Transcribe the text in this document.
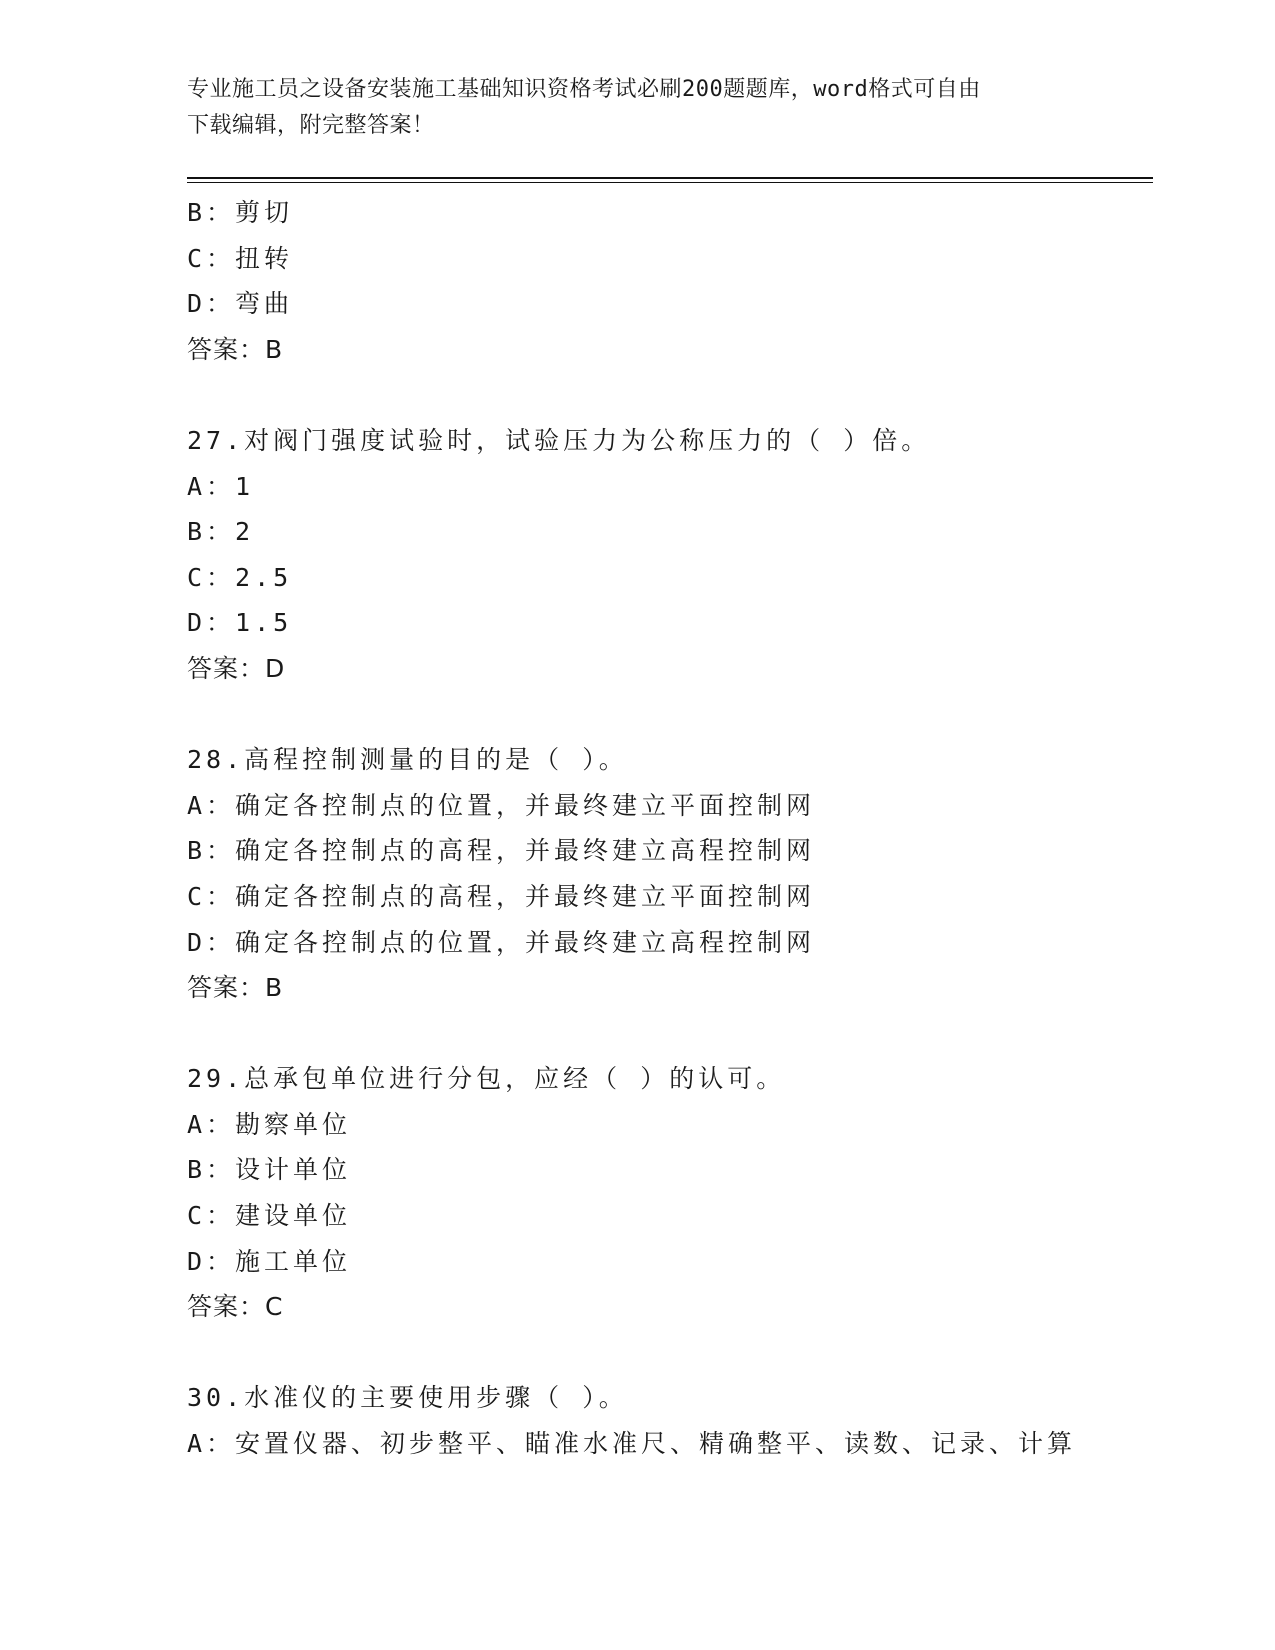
专业施工员之设备安装施工基础知识资格考试必刷200题题库，word格式可自由
下载编辑，附完整答案！
B：剪切
C：扭转
D：弯曲
答案：B
27.对阀门强度试验时，试验压力为公称压力的（ ）倍。
A：1
B：2
C：2.5
D：1.5
答案：D
28.高程控制测量的目的是（ ）。
A：确定各控制点的位置，并最终建立平面控制网
B：确定各控制点的高程，并最终建立高程控制网
C：确定各控制点的高程，并最终建立平面控制网
D：确定各控制点的位置，并最终建立高程控制网
答案：B
29.总承包单位进行分包，应经（ ）的认可。
A：勘察单位
B：设计单位
C：建设单位
D：施工单位
答案：C
30.水准仪的主要使用步骤（ ）。
A：安置仪器、初步整平、瞄准水准尺、精确整平、读数、记录、计算
